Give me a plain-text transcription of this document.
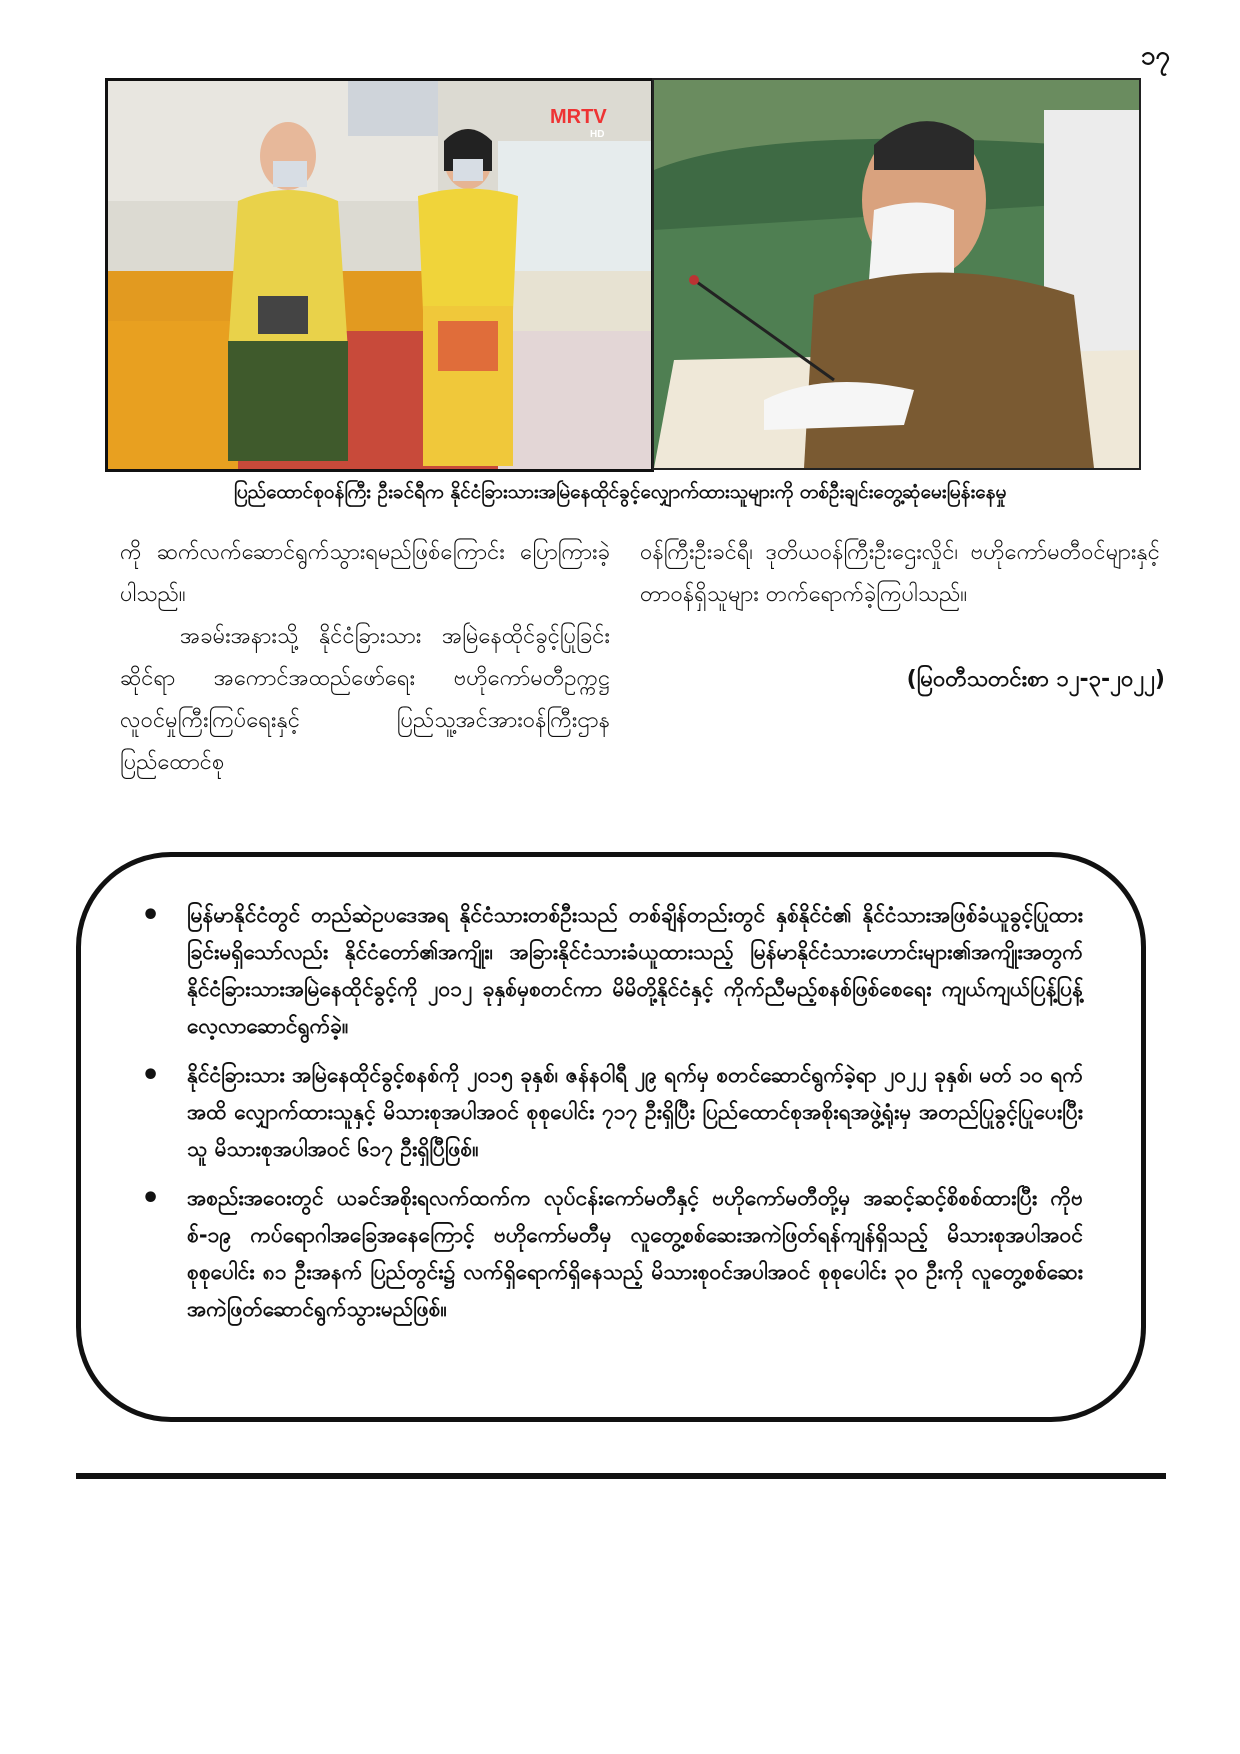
၁၇
MRTV
HD
ပြည်ထောင်စုဝန်ကြီး ဦးခင်ရီက နိုင်ငံခြားသားအမြဲနေထိုင်ခွင့်လျှောက်ထားသူများကို တစ်ဦးချင်းတွေ့ဆုံမေးမြန်းနေမှု

ကို ဆက်လက်ဆောင်ရွက်သွားရမည်ဖြစ်ကြောင်း ပြောကြားခဲ့ပါသည်။

အခမ်းအနားသို့ နိုင်ငံခြားသား အမြဲနေထိုင်ခွင့်ပြုခြင်းဆိုင်ရာ အကောင်အထည်ဖော်ရေး ဗဟိုကော်မတီဥက္ကဋ္ဌ လူဝင်မှုကြီးကြပ်ရေးနှင့် ပြည်သူ့အင်အားဝန်ကြီးဌာန ပြည်ထောင်စု

ဝန်ကြီးဦးခင်ရီ၊ ဒုတိယဝန်ကြီးဦးဌေးလှိုင်၊ ဗဟိုကော်မတီဝင်များနှင့် တာဝန်ရှိသူများ တက်ရောက်ခဲ့ကြပါသည်။

(မြဝတီသတင်းစာ ၁၂-၃-၂၀၂၂)
• မြန်မာနိုင်ငံတွင် တည်ဆဲဥပဒေအရ နိုင်ငံသားတစ်ဦးသည် တစ်ချိန်တည်းတွင် နှစ်နိုင်ငံ၏ နိုင်ငံသားအဖြစ်ခံယူခွင့်ပြုထားခြင်းမရှိသော်လည်း နိုင်ငံတော်၏အကျိုး၊ အခြားနိုင်ငံသားခံယူထားသည့် မြန်မာနိုင်ငံသားဟောင်းများ၏အကျိုးအတွက် နိုင်ငံခြားသားအမြဲနေထိုင်ခွင့်ကို ၂၀၁၂ ခုနှစ်မှစတင်ကာ မိမိတို့နိုင်ငံနှင့် ကိုက်ညီမည့်စနစ်ဖြစ်စေရေး ကျယ်ကျယ်ပြန့်ပြန့် လေ့လာဆောင်ရွက်ခဲ့။
• နိုင်ငံခြားသား အမြဲနေထိုင်ခွင့်စနစ်ကို ၂၀၁၅ ခုနှစ်၊ ဇန်နဝါရီ ၂၉ ရက်မှ စတင်ဆောင်ရွက်ခဲ့ရာ ၂၀၂၂ ခုနှစ်၊ မတ် ၁၀ ရက်အထိ လျှောက်ထားသူနှင့် မိသားစုအပါအဝင် စုစုပေါင်း ၇၁၇ ဦးရှိပြီး ပြည်ထောင်စုအစိုးရအဖွဲ့ရုံးမှ အတည်ပြုခွင့်ပြုပေးပြီးသူ မိသားစုအပါအဝင် ၆၁၇ ဦးရှိပြီဖြစ်။
• အစည်းအဝေးတွင် ယခင်အစိုးရလက်ထက်က လုပ်ငန်းကော်မတီနှင့် ဗဟိုကော်မတီတို့မှ အဆင့်ဆင့်စိစစ်ထားပြီး ကိုဗစ်-၁၉ ကပ်ရောဂါအခြေအနေကြောင့် ဗဟိုကော်မတီမှ လူတွေ့စစ်ဆေးအကဲဖြတ်ရန်ကျန်ရှိသည့် မိသားစုအပါအဝင် စုစုပေါင်း ၈၁ ဦးအနက် ပြည်တွင်း၌ လက်ရှိရောက်ရှိနေသည့် မိသားစုဝင်အပါအဝင် စုစုပေါင်း ၃၀ ဦးကို လူတွေ့စစ်ဆေးအကဲဖြတ်ဆောင်ရွက်သွားမည်ဖြစ်။
